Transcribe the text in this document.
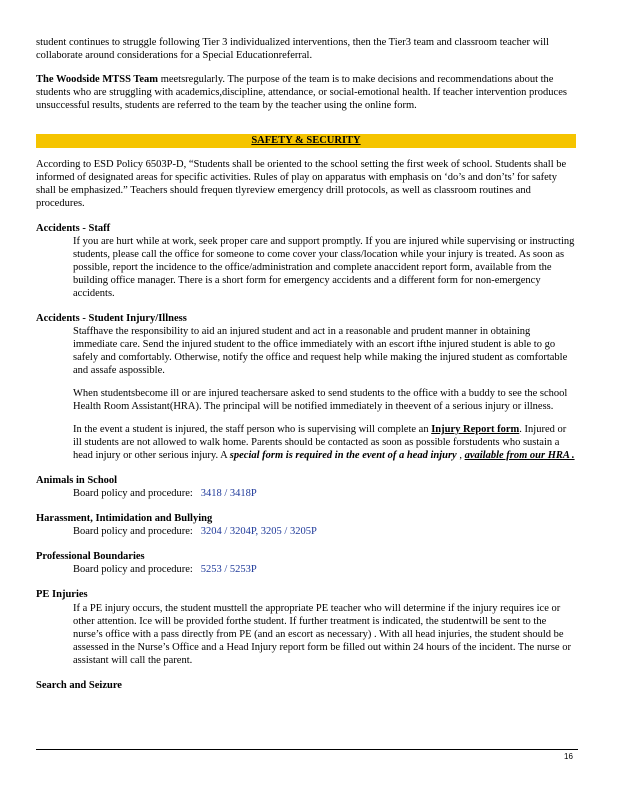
student continues to struggle following Tier 3 individualized interventions, then the Tier3 team and classroom teacher will collaborate around considerations for a Special Educationreferral.

The Woodside MTSS Team meetsregularly. The purpose of the team is to make decisions and recommendations about the students who are struggling with academics,discipline, attendance, or social-emotional health. If teacher intervention produces unsuccessful results, students are referred to the team by the teacher using the online form.

SAFETY & SECURITY

According to ESD Policy 6503P-D, “Students shall be oriented to the school setting the first week of school. Students shall be informed of designated areas for specific activities. Rules of play on apparatus with emphasis on ‘do’s and don’ts’ for safety shall be emphasized.” Teachers should frequen tlyreview emergency drill protocols, as well as classroom routines and procedures.

Accidents - Staff

If you are hurt while at work, seek proper care and support promptly. If you are injured while supervising or instructing students, please call the office for someone to come cover your class/location while your injury is treated. As soon as possible, report the incidence to the office/administration and complete anaccident report form, available from the building office manager. There is a short form for emergency accidents and a different form for non-emergency accidents.

Accidents - Student Injury/Illness

Staffhave the responsibility to aid an injured student and act in a reasonable and prudent manner in obtaining immediate care. Send the injured student to the office immediately with an escort ifthe injured student is able to go safely and comfortably. Otherwise, notify the office and request help while making the injured student as comfortable and assafe aspossible.

When studentsbecome ill or are injured teachersare asked to send students to the office with a buddy to see the school Health Room Assistant(HRA). The principal will be notified immediately in theevent of a serious injury or illness.

In the event a student is injured, the staff person who is supervising will complete an Injury Report form. Injured or ill students are not allowed to walk home. Parents should be contacted as soon as possible forstudents who sustain a head injury or other serious injury. A special form is required in the event of a head injury , available from our HRA .

Animals in School

Board policy and procedure: 3418 / 3418P

Harassment, Intimidation and Bullying

Board policy and procedure: 3204 / 3204P, 3205 / 3205P

Professional Boundaries

Board policy and procedure: 5253 / 5253P

PE Injuries

If a PE injury occurs, the student musttell the appropriate PE teacher who will determine if the injury requires ice or other attention. Ice will be provided forthe student. If further treatment is indicated, the studentwill be sent to the nurse’s office with a pass directly from PE (and an escort as necessary) . With all head injuries, the student should be assessed in the Nurse’s Office and a Head Injury report form be filled out within 24 hours of the incident. The nurse or assistant will call the parent.

Search and Seizure
16
